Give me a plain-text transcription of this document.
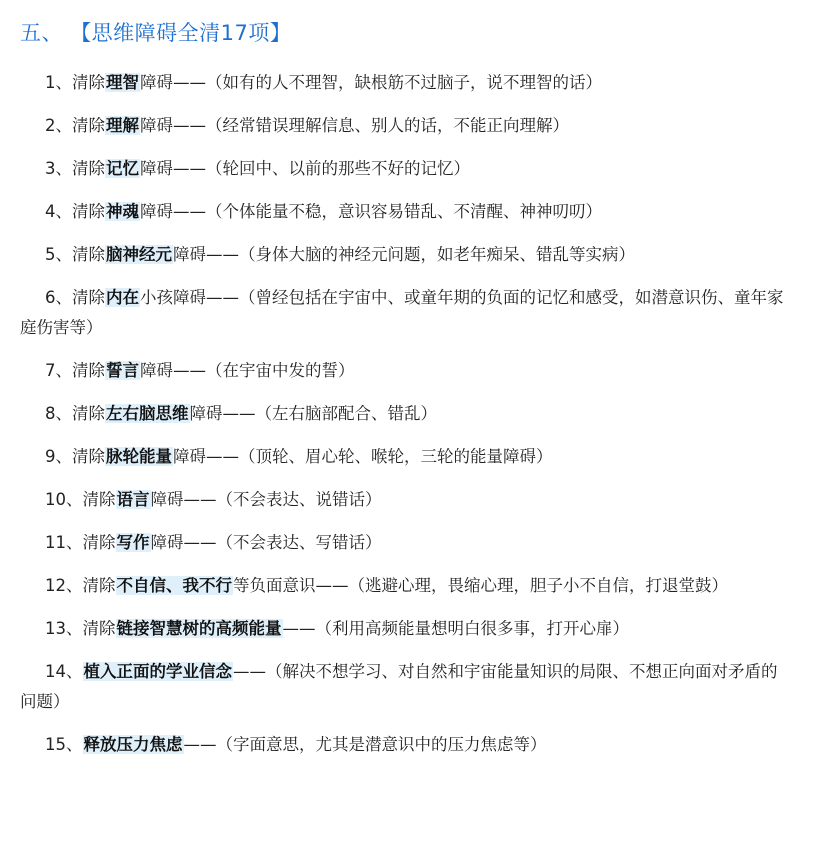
五、 【思维障碍全清17项】
1、清除理智障碍——（如有的人不理智，缺根筋不过脑子，说不理智的话）
2、清除理解障碍——（经常错误理解信息、别人的话，不能正向理解）
3、清除记忆障碍——（轮回中、以前的那些不好的记忆）
4、清除神魂障碍——（个体能量不稳，意识容易错乱、不清醒、神神叨叨）
5、清除脑神经元障碍——（身体大脑的神经元问题，如老年痴呆、错乱等实病）
6、清除内在小孩障碍——（曾经包括在宇宙中、或童年期的负面的记忆和感受，如潜意识伤、童年家庭伤害等）
7、清除誓言障碍——（在宇宙中发的誓）
8、清除左右脑思维障碍——（左右脑部配合、错乱）
9、清除脉轮能量障碍——（顶轮、眉心轮、喉轮，三轮的能量障碍）
10、清除语言障碍——（不会表达、说错话）
11、清除写作障碍——（不会表达、写错话）
12、清除不自信、我不行等负面意识——（逃避心理，畏缩心理，胆子小不自信，打退堂鼓）
13、清除链接智慧树的高频能量——（利用高频能量想明白很多事，打开心扉）
14、植入正面的学业信念——（解决不想学习、对自然和宇宙能量知识的局限、不想正向面对矛盾的问题）
15、释放压力焦虑——（字面意思，尤其是潜意识中的压力焦虑等）
